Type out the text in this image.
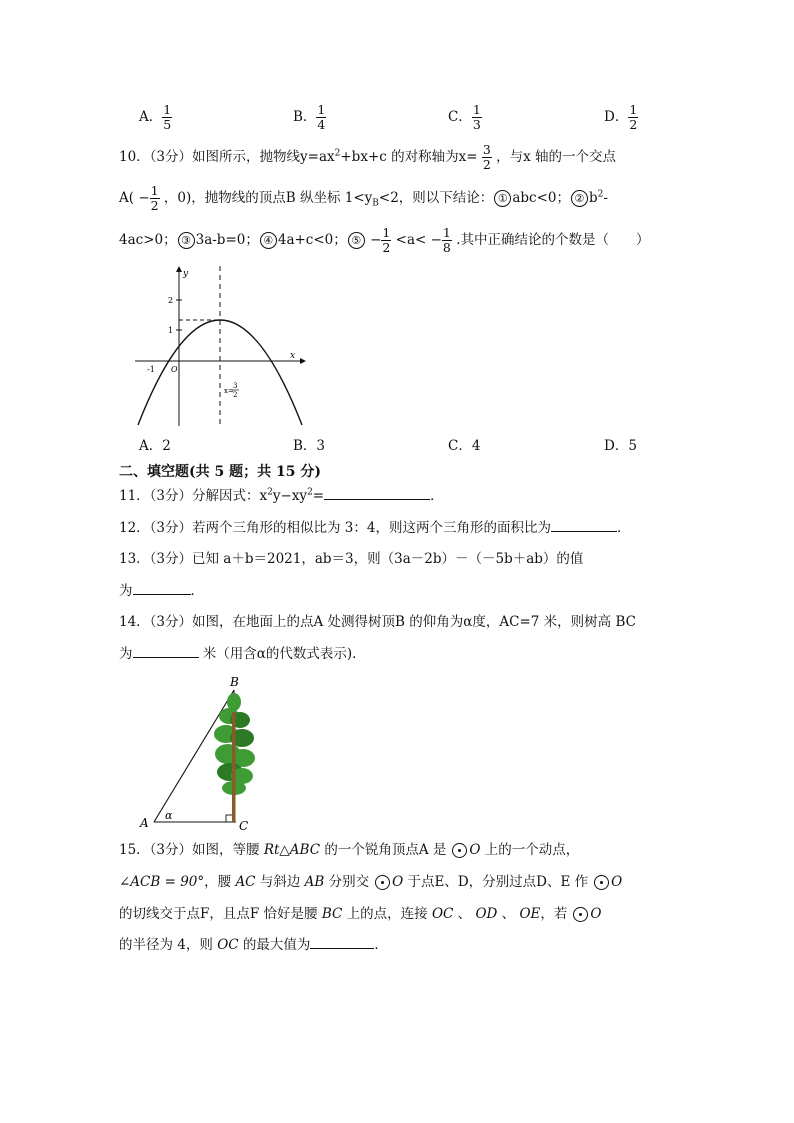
A． $\frac{1}{5}$	B． $\frac{1}{4}$	C． $\frac{1}{3}$	D． $\frac{1}{2}$
10．（3分）如图所示，抛物线$y=ax^2+bx+c$ 的对称轴为$x= \frac{3}{2}$ ，与x 轴的一个交点
$A( - \frac{1}{2}$ ，0)，抛物线的顶点B 纵坐标 $1<y_B<2$，则以下结论： ① abc<0； ② $b^2-$
4ac>0； ③ 3a-b=0； ④ 4a+c<0； ⑤ − $\frac{1}{2} <a< - \frac{1}{8}$ .其中正确结论的个数是（　　）
y
x
2
1
-1 O
x=
3
2
A．2	B．3	C．4	D．5
二、填空题(共 5 题；共 15 分)
11．（3分）分解因式：$x^2y-xy^2=$	．
12．（3分）若两个三角形的相似比为 3：4，则这两个三角形的面积比为	．
13．（3分）已知 a＋b＝2021，ab＝3，则（3a－2b）－（－5b＋ab）的值
为	．
14．（3分）如图，在地面上的点A 处测得树顶B 的仰角为α度，AC=7 米，则树高 BC
为	米（用含α的代数式表示)．
B
A	C
α
15．（3分）如图，等腰 Rt△ABC 的一个锐角顶点A 是 O 上的一个动点，
∠ACB = 90°，腰 AC 与斜边 AB 分别交 O 于点E、D，分别过点D、E 作 O
的切线交于点F，且点F 恰好是腰 BC 上的点，连接 OC 、 OD 、 OE，若 O
的半径为 4，则 OC 的最大值为	．
